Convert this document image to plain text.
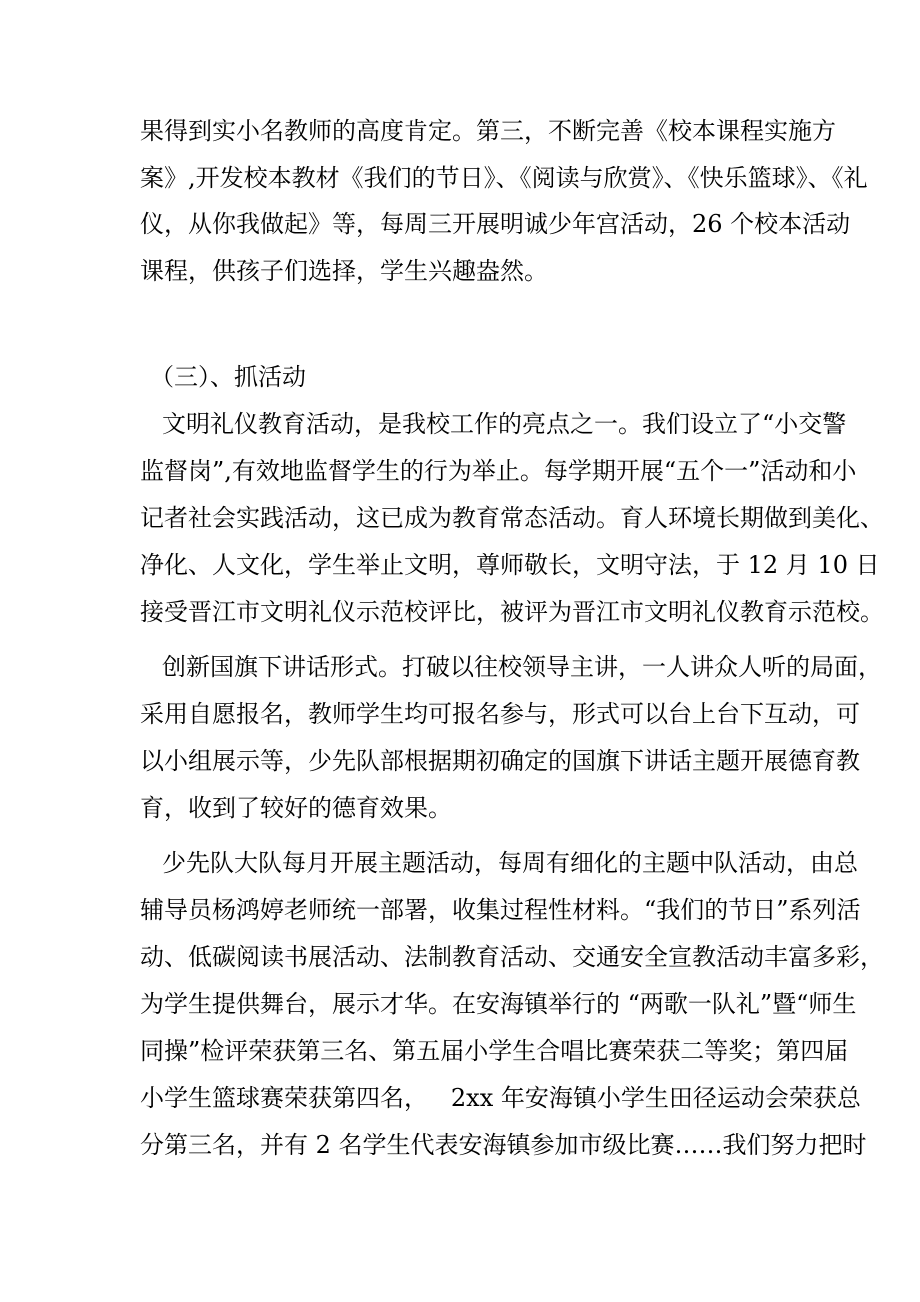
果得到实小名教师的高度肯定。第三，不断完善《校本课程实施方
案》,开发校本教材《我们的节日》、《阅读与欣赏》、《快乐篮球》、《礼
仪，从你我做起》等，每周三开展明诚少年宫活动，26 个校本活动
课程，供孩子们选择，学生兴趣盎然。
（三）、抓活动
文明礼仪教育活动，是我校工作的亮点之一。我们设立了“小交警
监督岗”,有效地监督学生的行为举止。每学期开展“五个一”活动和小
记者社会实践活动，这已成为教育常态活动。育人环境长期做到美化、
净化、人文化，学生举止文明，尊师敬长，文明守法，于 12 月 10 日
接受晋江市文明礼仪示范校评比，被评为晋江市文明礼仪教育示范校。
创新国旗下讲话形式。打破以往校领导主讲，一人讲众人听的局面，
采用自愿报名，教师学生均可报名参与，形式可以台上台下互动，可
以小组展示等，少先队部根据期初确定的国旗下讲话主题开展德育教
育，收到了较好的德育效果。
少先队大队每月开展主题活动，每周有细化的主题中队活动，由总
辅导员杨鸿婷老师统一部署，收集过程性材料。“我们的节日”系列活
动、低碳阅读书展活动、法制教育活动、交通安全宣教活动丰富多彩，
为学生提供舞台，展示才华。在安海镇举行的 “两歌一队礼”暨“师生
同操”检评荣获第三名、第五届小学生合唱比赛荣获二等奖；第四届
小学生篮球赛荣获第四名，   2xx 年安海镇小学生田径运动会荣获总
分第三名，并有 2 名学生代表安海镇参加市级比赛……我们努力把时
